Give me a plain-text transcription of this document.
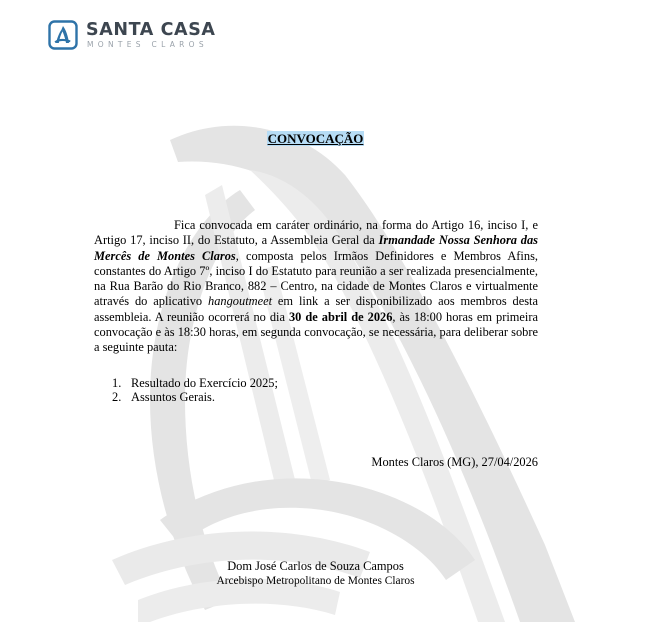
SANTA CASA
MONTES CLAROS
CONVOCAÇÃO
Fica convocada em caráter ordinário, na forma do Artigo 16, inciso I, e Artigo 17, inciso II, do Estatuto, a Assembleia Geral da Irmandade Nossa Senhora das Mercês de Montes Claros, composta pelos Irmãos Definidores e Membros Afins, constantes do Artigo 7º, inciso I do Estatuto para reunião a ser realizada presencialmente, na Rua Barão do Rio Branco, 882 – Centro, na cidade de Montes Claros e virtualmente através do aplicativo hangoutmeet em link a ser disponibilizado aos membros desta assembleia. A reunião ocorrerá no dia 30 de abril de 2026, às 18:00 horas em primeira convocação e às 18:30 horas, em segunda convocação, se necessária, para deliberar sobre a seguinte pauta:
1. Resultado do Exercício 2025;
2. Assuntos Gerais.
Montes Claros (MG), 27/04/2026
Dom José Carlos de Souza Campos
Arcebispo Metropolitano de Montes Claros
